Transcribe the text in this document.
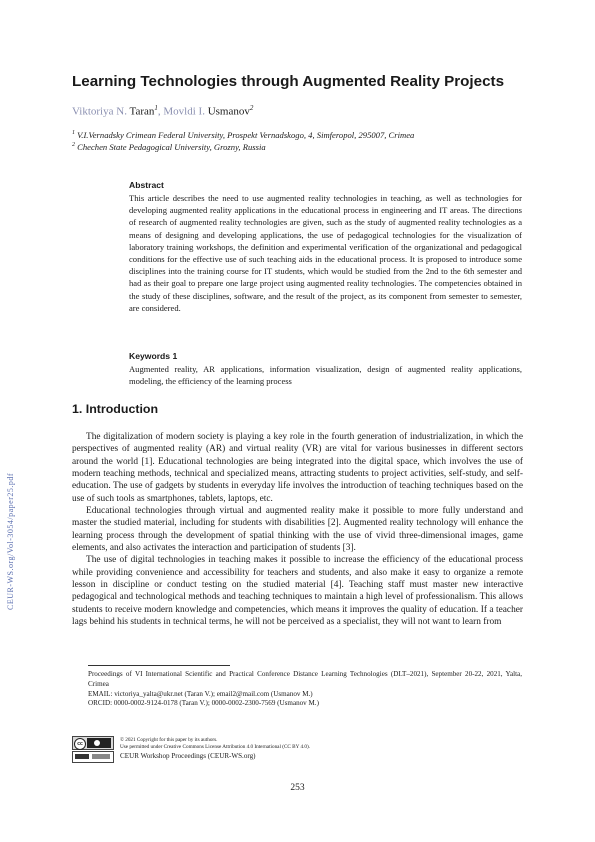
CEUR-WS.org/Vol-3054/paper25.pdf
Learning Technologies through Augmented Reality Projects
Viktoriya N. Taran$^1$, Movldi I. Usmanov$^2$
$^1$ V.I.Vernadsky Crimean Federal University, Prospekt Vernadskogo, 4, Simferopol, 295007, Crimea
$^2$ Chechen State Pedagogical University, Grozny, Russia
Abstract
This article describes the need to use augmented reality technologies in teaching, as well as technologies for developing augmented reality applications in the educational process in engineering and IT areas. The directions of research of augmented reality technologies are given, such as the study of augmented reality technologies as a means of designing and developing applications, the use of pedagogical technologies for the visualization of laboratory training workshops, the definition and experimental verification of the organizational and pedagogical conditions for the effective use of such teaching aids in the educational process. It is proposed to introduce some disciplines into the training course for IT students, which would be studied from the 2nd to the 6th semester and had as their goal to prepare one large project using augmented reality technologies. The competencies obtained in the study of these disciplines, software, and the result of the project, as its component from semester to semester, are considered.
Keywords 1
Augmented reality, AR applications, information visualization, design of augmented reality applications, modeling, the efficiency of the learning process
1. Introduction

The digitalization of modern society is playing a key role in the fourth generation of industrialization, in which the perspectives of augmented reality (AR) and virtual reality (VR) are vital for various businesses in different sectors around the world [1]. Educational technologies are being integrated into the digital space, which involves the use of modern teaching methods, technical and specialized means, attracting students to project activities, self-study, and self-education. The use of gadgets by students in everyday life involves the introduction of teaching techniques based on the use of such tools as smartphones, tablets, laptops, etc.

Educational technologies through virtual and augmented reality make it possible to more fully understand and master the studied material, including for students with disabilities [2]. Augmented reality technology will enhance the learning process through the development of spatial thinking with the use of vivid three-dimensional images, game elements, and also activates the interaction and participation of students [3].

The use of digital technologies in teaching makes it possible to increase the efficiency of the educational process while providing convenience and accessibility for teachers and students, and also make it easy to organize a remote lesson in discipline or conduct testing on the studied material [4]. Teaching staff must master new interactive pedagogical and technological methods and teaching techniques to maintain a high level of professionalism. This allows students to receive modern knowledge and competencies, which means it improves the quality of education. If a teacher lags behind his students in technical terms, he will not be perceived as a specialist, they will not want to learn from

Proceedings of VI International Scientific and Practical Conference Distance Learning Technologies (DLT–2021), September 20-22, 2021, Yalta, Crimea
EMAIL: victoriya_yalta@ukr.net (Taran V.); email2@mail.com (Usmanov M.)
ORCID: 0000-0002-9124-0178 (Taran V.); 0000-0002-2300-7569 (Usmanov M.)
cc
© 2021 Copyright for this paper by its authors.
Use permitted under Creative Commons License Attribution 4.0 International (CC BY 4.0).
CEUR Workshop Proceedings (CEUR-WS.org)
253
